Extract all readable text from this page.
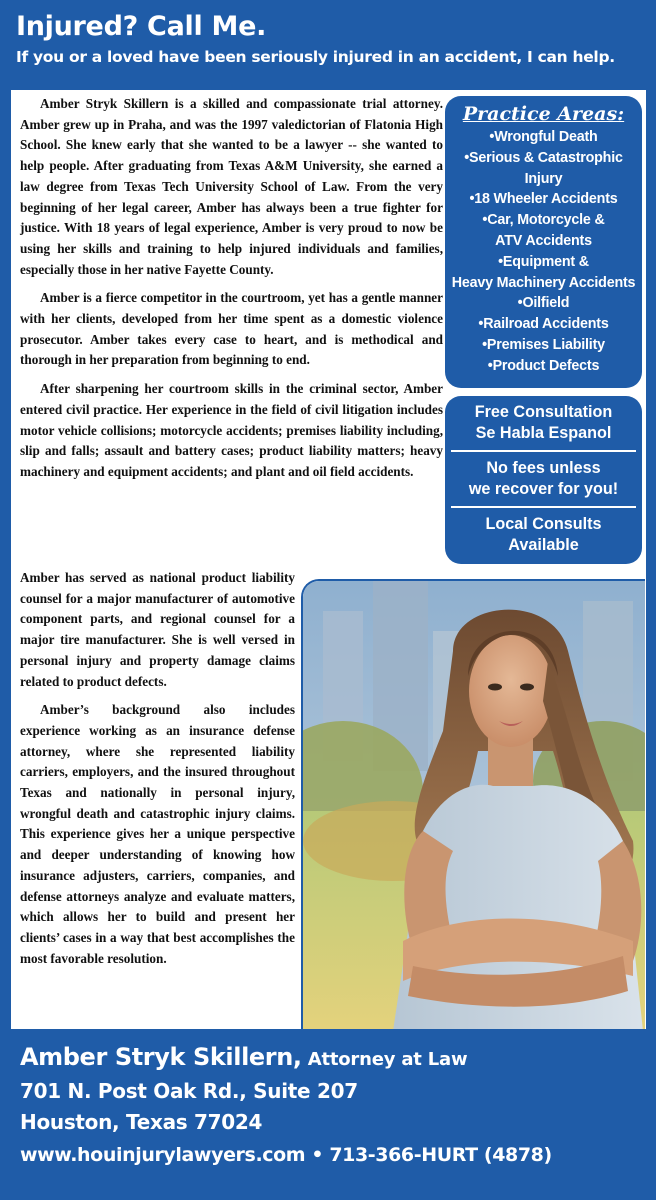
Injured? Call Me.
If you or a loved have been seriously injured in an accident, I can help.

Amber Stryk Skillern is a skilled and compassionate trial attorney. Amber grew up in Praha, and was the 1997 valedictorian of Flatonia High School. She knew early that she wanted to be a lawyer -- she wanted to help people. After graduating from Texas A&M University, she earned a law degree from Texas Tech University School of Law. From the very beginning of her legal career, Amber has always been a true fighter for justice. With 18 years of legal experience, Amber is very proud to now be using her skills and training to help injured individuals and families, especially those in her native Fayette County.

Amber is a fierce competitor in the courtroom, yet has a gentle manner with her clients, developed from her time spent as a domestic violence prosecutor. Amber takes every case to heart, and is methodical and thorough in her preparation from beginning to end.

After sharpening her courtroom skills in the criminal sector, Amber entered civil practice. Her experience in the field of civil litigation includes motor vehicle collisions; motorcycle accidents; premises liability including, slip and falls; assault and battery cases; product liability matters; heavy machinery and equipment accidents; and plant and oil field accidents.

Amber has served as national product liability counsel for a major manufacturer of automotive component parts, and regional counsel for a major tire manufacturer. She is well versed in personal injury and property damage claims related to product defects.

Amber’s background also includes experience working as an insurance defense attorney, where she represented liability carriers, employers, and the insured throughout Texas and nationally in personal injury, wrongful death and catastrophic injury claims. This experience gives her a unique perspective and deeper understanding of knowing how insurance adjusters, carriers, companies, and defense attorneys analyze and evaluate matters, which allows her to build and present her clients’ cases in a way that best accomplishes the most favorable resolution.

Practice Areas:
•Wrongful Death
•Serious & Catastrophic
Injury
•18 Wheeler Accidents
•Car, Motorcycle &
ATV Accidents
•Equipment &
Heavy Machinery Accidents
•Oilfield
•Railroad Accidents
•Premises Liability
•Product Defects
Free Consultation
Se Habla Espanol
No fees unless
we recover for you!
Local Consults
Available
Amber Stryk Skillern, Attorney at Law
701 N. Post Oak Rd., Suite 207
Houston, Texas 77024
www.houinjurylawyers.com • 713-366-HURT (4878)
